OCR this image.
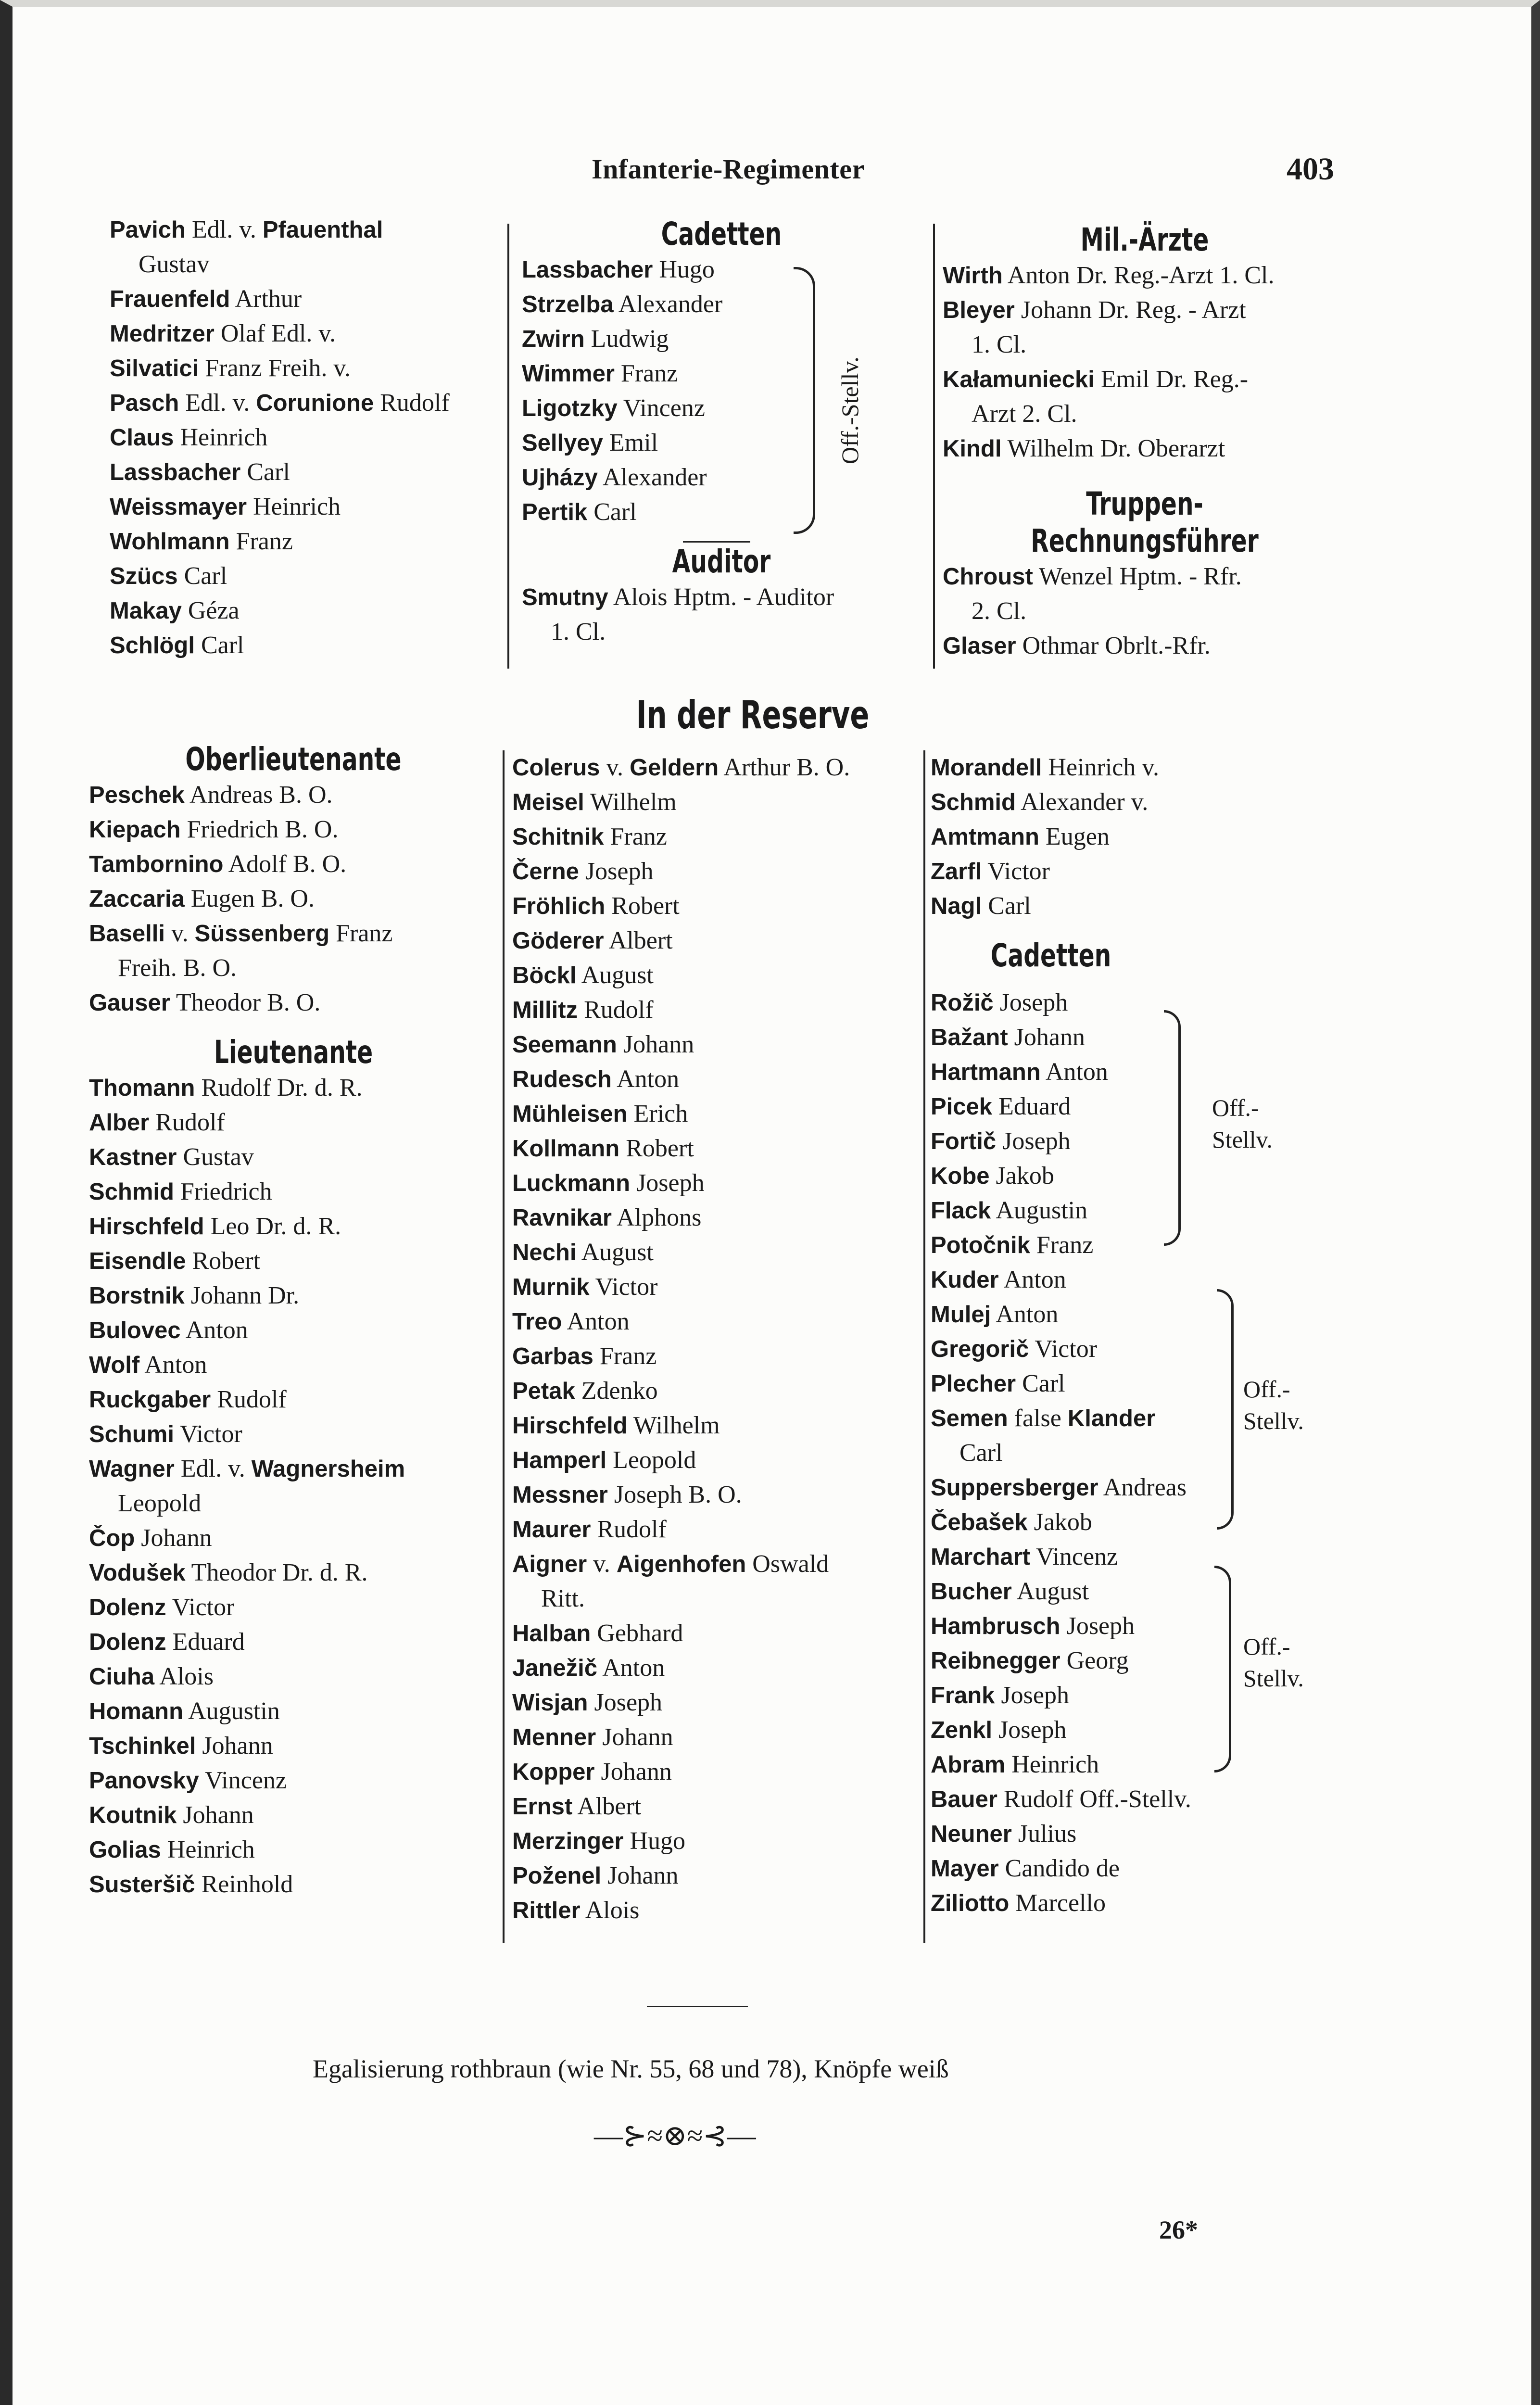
Infanterie-Regimenter	403
Pavich Edl. v. Pfauenthal
Gustav
Frauenfeld Arthur
Medritzer Olaf Edl. v.
Silvatici Franz Freih. v.
Pasch Edl. v. Corunione Rudolf
Claus Heinrich
Lassbacher Carl
Weissmayer Heinrich
Wohlmann Franz
Szücs Carl
Makay Géza
Schlögl Carl
Cadetten
Lassbacher Hugo
Strzelba Alexander
Zwirn Ludwig
Wimmer Franz
Ligotzky Vincenz
Sellyey Emil
Ujházy Alexander
Pertik Carl
Auditor
Smutny Alois Hptm. - Auditor
1. Cl.
Off.-Stellv.
Mil.-Ärzte
Wirth Anton Dr. Reg.-Arzt 1. Cl.
Bleyer Johann Dr. Reg. - Arzt
1. Cl.
Kałamuniecki Emil Dr. Reg.-
Arzt 2. Cl.
Kindl Wilhelm Dr. Oberarzt
Truppen-Rechnungsführer
Chroust Wenzel Hptm. - Rfr.
2. Cl.
Glaser Othmar Obrlt.-Rfr.
In der Reserve
Oberlieutenante
Peschek Andreas B. O.
Kiepach Friedrich B. O.
Tambornino Adolf B. O.
Zaccaria Eugen B. O.
Baselli v. Süssenberg Franz
Freih. B. O.
Gauser Theodor B. O.
Lieutenante
Thomann Rudolf Dr. d. R.
Alber Rudolf
Kastner Gustav
Schmid Friedrich
Hirschfeld Leo Dr. d. R.
Eisendle Robert
Borstnik Johann Dr.
Bulovec Anton
Wolf Anton
Ruckgaber Rudolf
Schumi Victor
Wagner Edl. v. Wagnersheim
Leopold
Čop Johann
Vodušek Theodor Dr. d. R.
Dolenz Victor
Dolenz Eduard
Ciuha Alois
Homann Augustin
Tschinkel Johann
Panovsky Vincenz
Koutnik Johann
Golias Heinrich
Susteršič Reinhold
Colerus v. Geldern Arthur B. O.
Meisel Wilhelm
Schitnik Franz
Černe Joseph
Fröhlich Robert
Göderer Albert
Böckl August
Millitz Rudolf
Seemann Johann
Rudesch Anton
Mühleisen Erich
Kollmann Robert
Luckmann Joseph
Ravnikar Alphons
Nechi August
Murnik Victor
Treo Anton
Garbas Franz
Petak Zdenko
Hirschfeld Wilhelm
Hamperl Leopold
Messner Joseph B. O.
Maurer Rudolf
Aigner v. Aigenhofen Oswald
Ritt.
Halban Gebhard
Janežič Anton
Wisjan Joseph
Menner Johann
Kopper Johann
Ernst Albert
Merzinger Hugo
Poženel Johann
Rittler Alois
Morandell Heinrich v.
Schmid Alexander v.
Amtmann Eugen
Zarfl Victor
Nagl Carl
Cadetten
Rožič Joseph
Bažant Johann
Hartmann Anton
Picek Eduard
Fortič Joseph
Kobe Jakob
Flack Augustin
Potočnik Franz
Kuder Anton
Mulej Anton
Gregorič Victor
Plecher Carl
Semen false Klander
Carl
Suppersberger Andreas
Čebašek Jakob
Marchart Vincenz
Bucher August
Hambrusch Joseph
Reibnegger Georg
Frank Joseph
Zenkl Joseph
Abram Heinrich
Bauer Rudolf Off.-Stellv.
Neuner Julius
Mayer Candido de
Ziliotto Marcello
Off.-
Stellv.
Off.-
Stellv.
Off.-
Stellv.
Egalisierung rothbraun (wie Nr. 55, 68 und 78), Knöpfe weiß
—⊱≈⊗≈⊰—
26*
